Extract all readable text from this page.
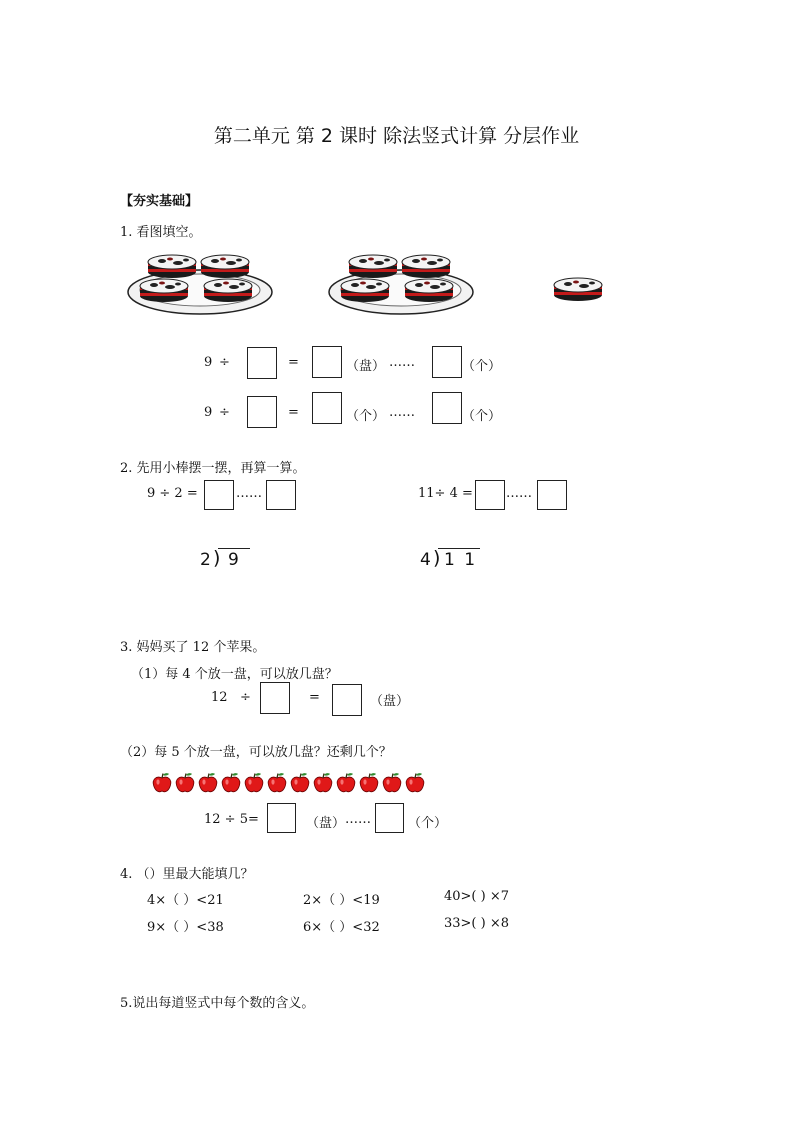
第二单元 第 2 课时 除法竖式计算 分层作业
【夯实基础】
1. 看图填空。
9 ÷	=	（盘） ……	（个）
9 ÷	=	（个） ……	（个）
2. 先用小棒摆一摆，再算一算。
9 ÷ 2 =	……	11÷ 4 =	……
2 ) 9	4 ) 1 1
3. 妈妈买了 12 个苹果。
（1）每 4 个放一盘，可以放几盘？
12 ÷	=	（盘）
（2）每 5 个放一盘，可以放几盘？还剩几个？
12 ÷ 5=	（盘） ……	（个）
4. （）里最大能填几？
4×（ ）<21	2×（ ）<19	40>( ) ×7
9×（ ）<38	6×（ ）<32	33>( ) ×8
5.说出每道竖式中每个数的含义。
